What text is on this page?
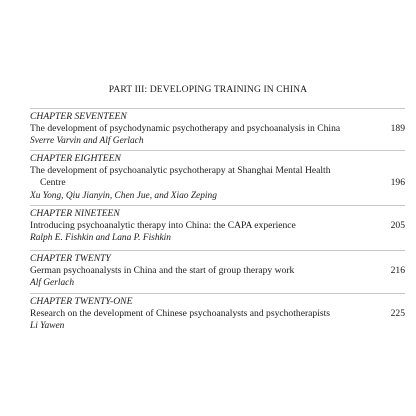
PART III: DEVELOPING TRAINING IN CHINA
CHAPTER SEVENTEEN
The development of psychodynamic psychotherapy and psychoanalysis in China	189
Sverre Varvin and Alf Gerlach
CHAPTER EIGHTEEN
The development of psychoanalytic psychotherapy at Shanghai Mental Health Centre	196
Xu Yong, Qiu Jianyin, Chen Jue, and Xiao Zeping
CHAPTER NINETEEN
Introducing psychoanalytic therapy into China: the CAPA experience	205
Ralph E. Fishkin and Lana P. Fishkin
CHAPTER TWENTY
German psychoanalysts in China and the start of group therapy work	216
Alf Gerlach
CHAPTER TWENTY-ONE
Research on the development of Chinese psychoanalysts and psychotherapists	225
Li Yawen
